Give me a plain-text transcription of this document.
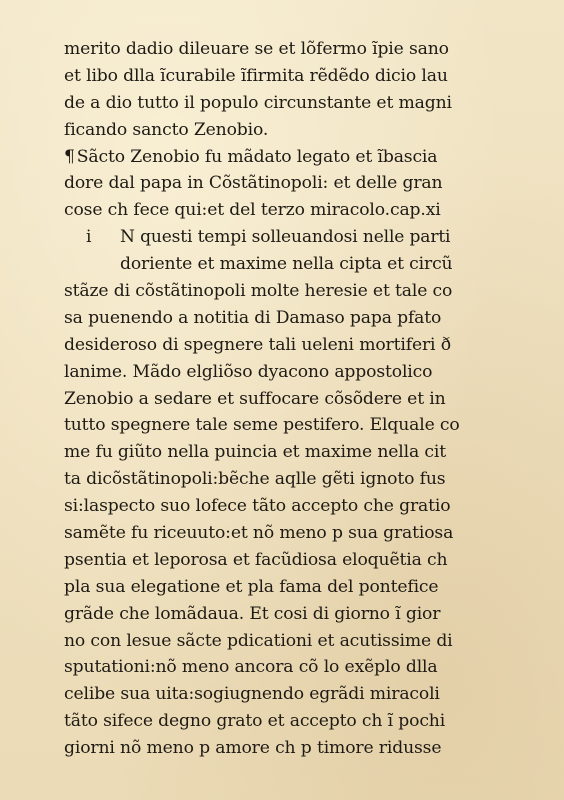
merito dadio dileuare se et lõfermo ĩpie sano
et libo dlla ĩcurabile ĩfirmita rẽdẽdo dicio lau
de a dio tutto il populo circunstante et magni
ficando sancto Zenobio.
¶ Sãcto Zenobio fu mãdato legato et ĩbasciа
dore dal papa in Cõstãtinopoli: et delle gran
cose ch fece qui:et del terzo miracolo.cap.xi
i N questi tempi solleuandosi nelle parti
doriente et maxime nella cipta et circũ
stãze di cõstãtinopoli molte heresie et tale co
sa puenendo a notitia di Damaso papa pfato
desideroso di spegnere tali ueleni mortiferi ð
lanime. Mãdo elgliõso dyacono appostolico
Zenobio a sedare et suffocare cõsõdere et in
tutto spegnere tale seme pestifero. Elquale co
me fu giũto nella puincia et maxime nella cit
ta dicõstãtinopoli:bẽche aqlle gẽti ignoto fus
si:laspecto suo lofece tãto accepto che gratio
samẽte fu riceuuto:et nõ meno p sua gratiosa
psentia et leporosa et facũdiosa eloquẽtia ch
pla sua elegatione et pla fama del pontefice
grãde che lomãdaua. Et cosi di giorno ĩ gior
no con lesue sãcte pdicationi et acutissime di
sputationi:nõ meno ancora cõ lo exẽplo dlla
celibe sua uita:sogiugnendo egrãdi miracoli
tãto sifece degno grato et accepto ch ĩ pochi
giorni nõ meno p amore ch p timore ridusse
